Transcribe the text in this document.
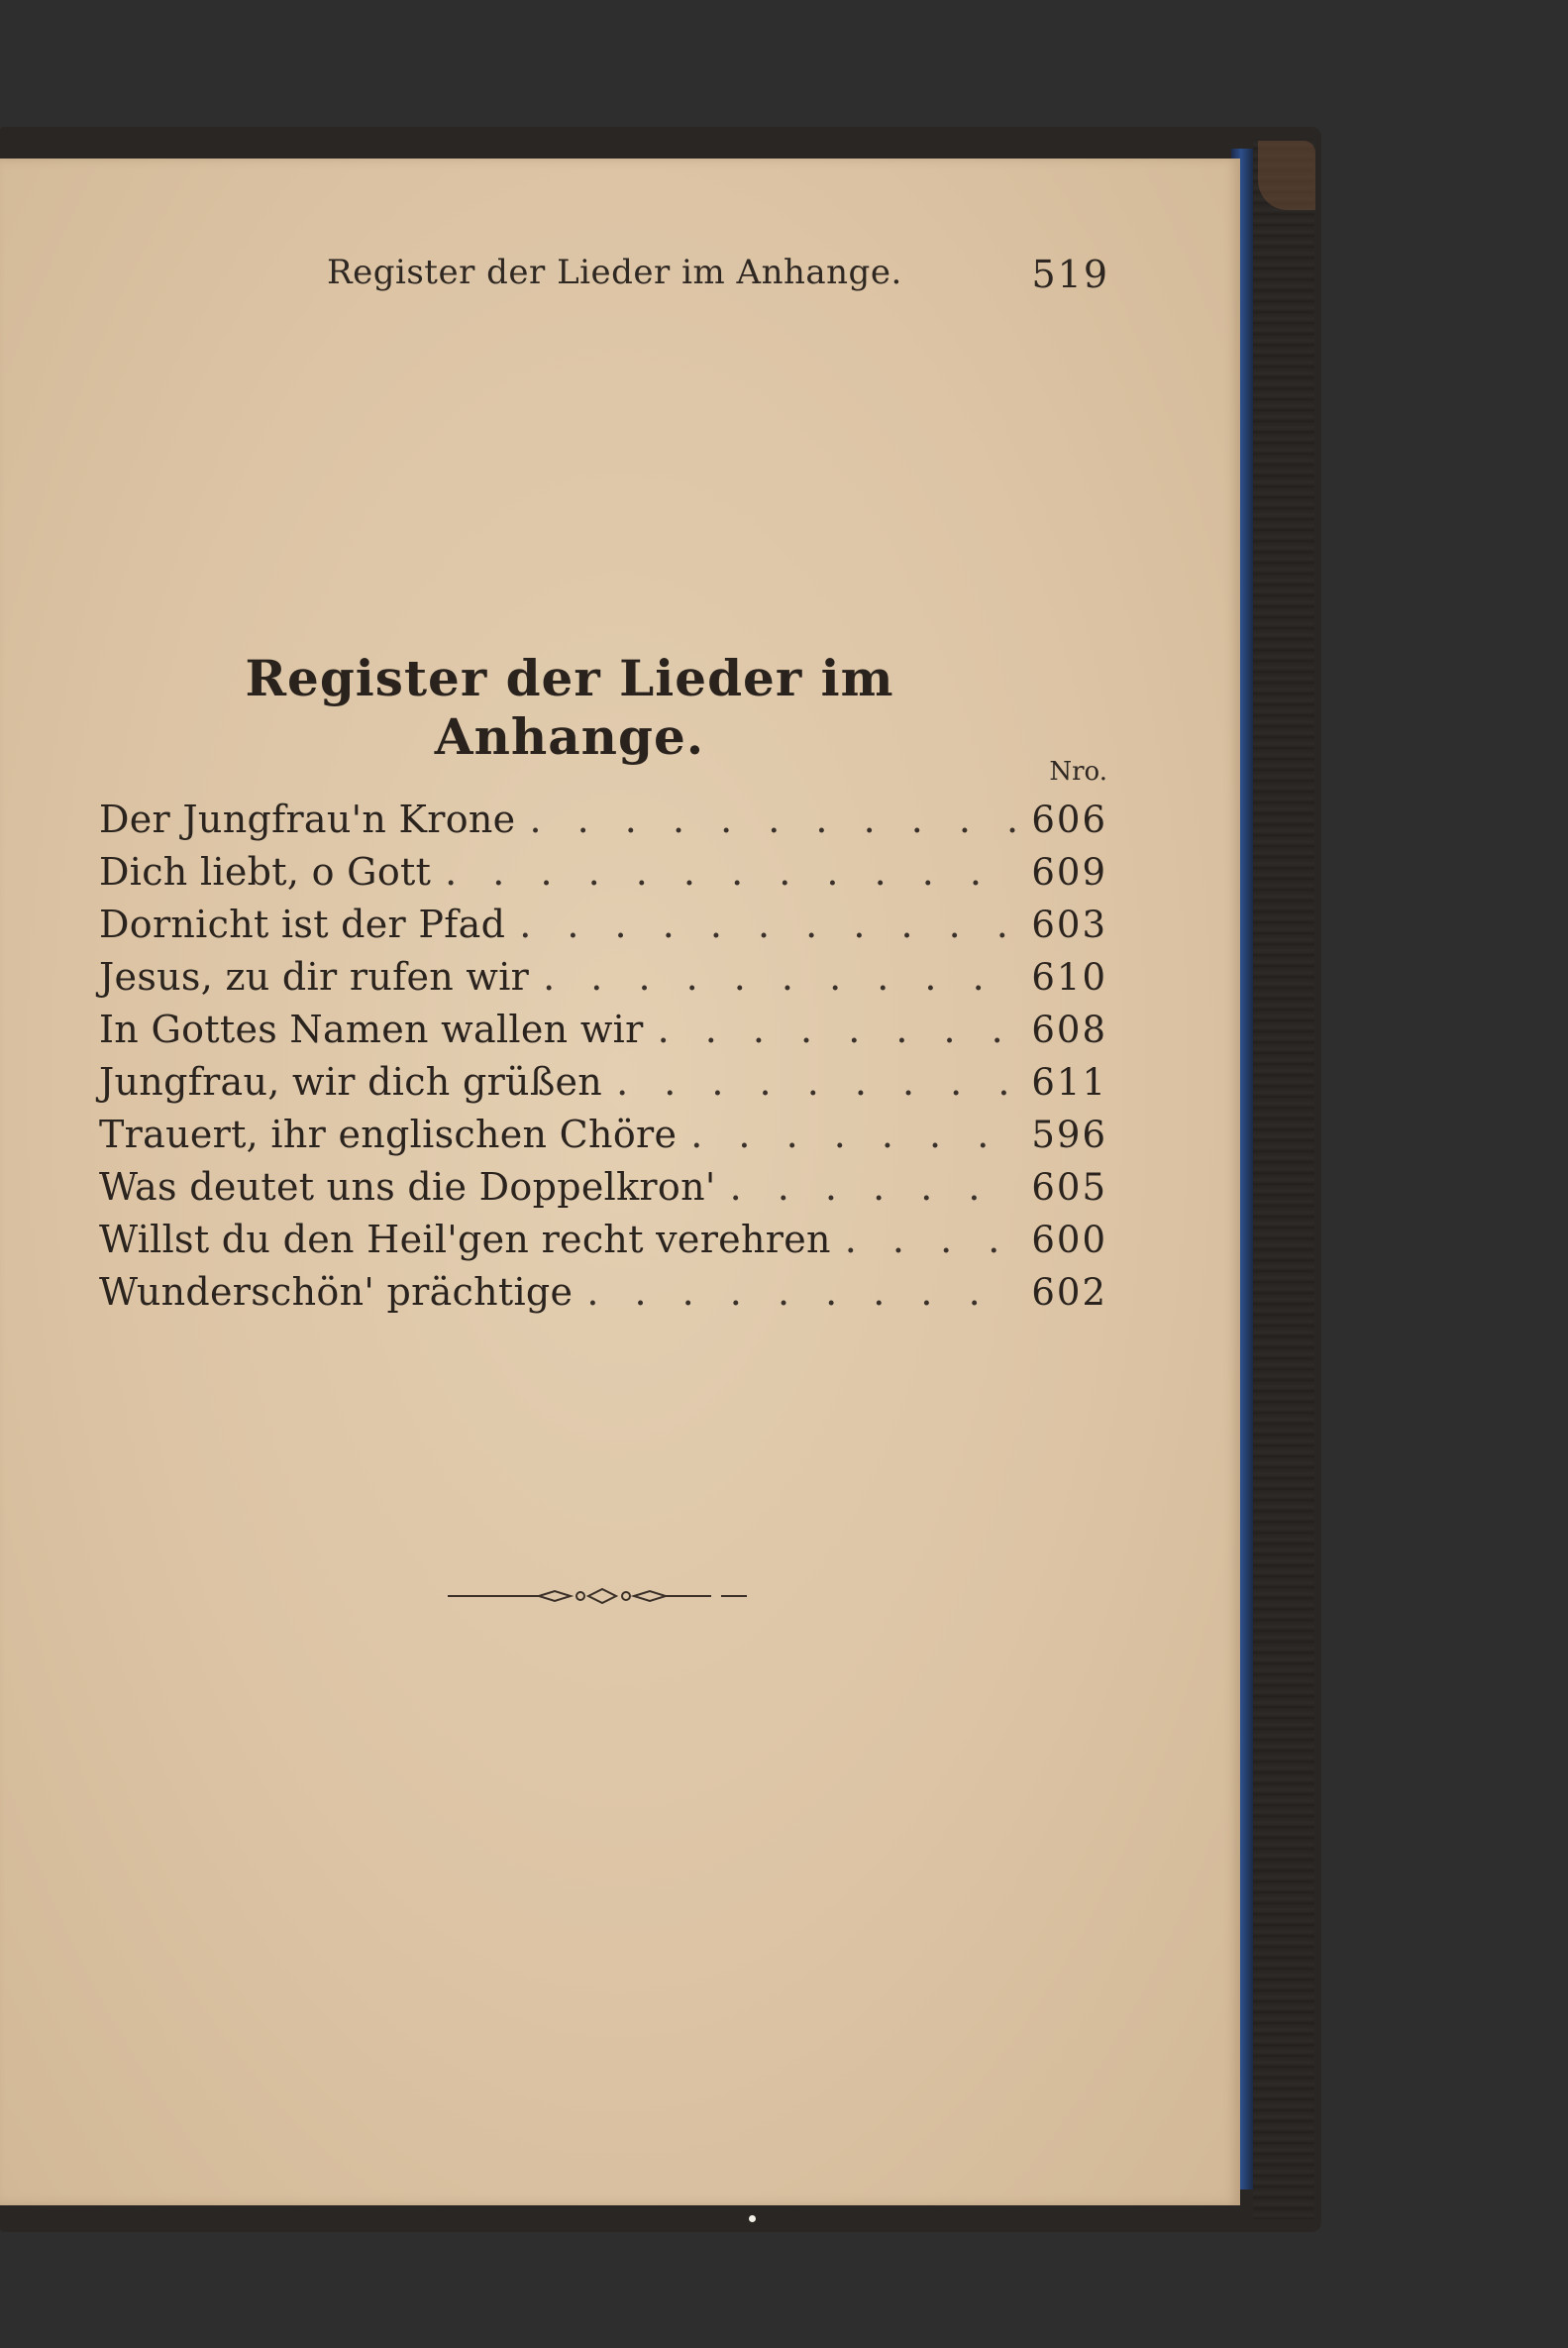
Register der Lieder im Anhange.	519
Register der Lieder im Anhange.
Nro.
Der Jungfrau'n Krone . . .	606
Dich liebt, o Gott . . .	609
Dornicht ist der Pfad . . .	603
Jesus, zu dir rufen wir . . .	610
In Gottes Namen wallen wir . . .	608
Jungfrau, wir dich grüßen . . .	611
Trauert, ihr englischen Chöre . . .	596
Was deutet uns die Doppelkron' . . .	605
Willst du den Heil'gen recht verehren . . .	600
Wunderschön' prächtige . . .	602
